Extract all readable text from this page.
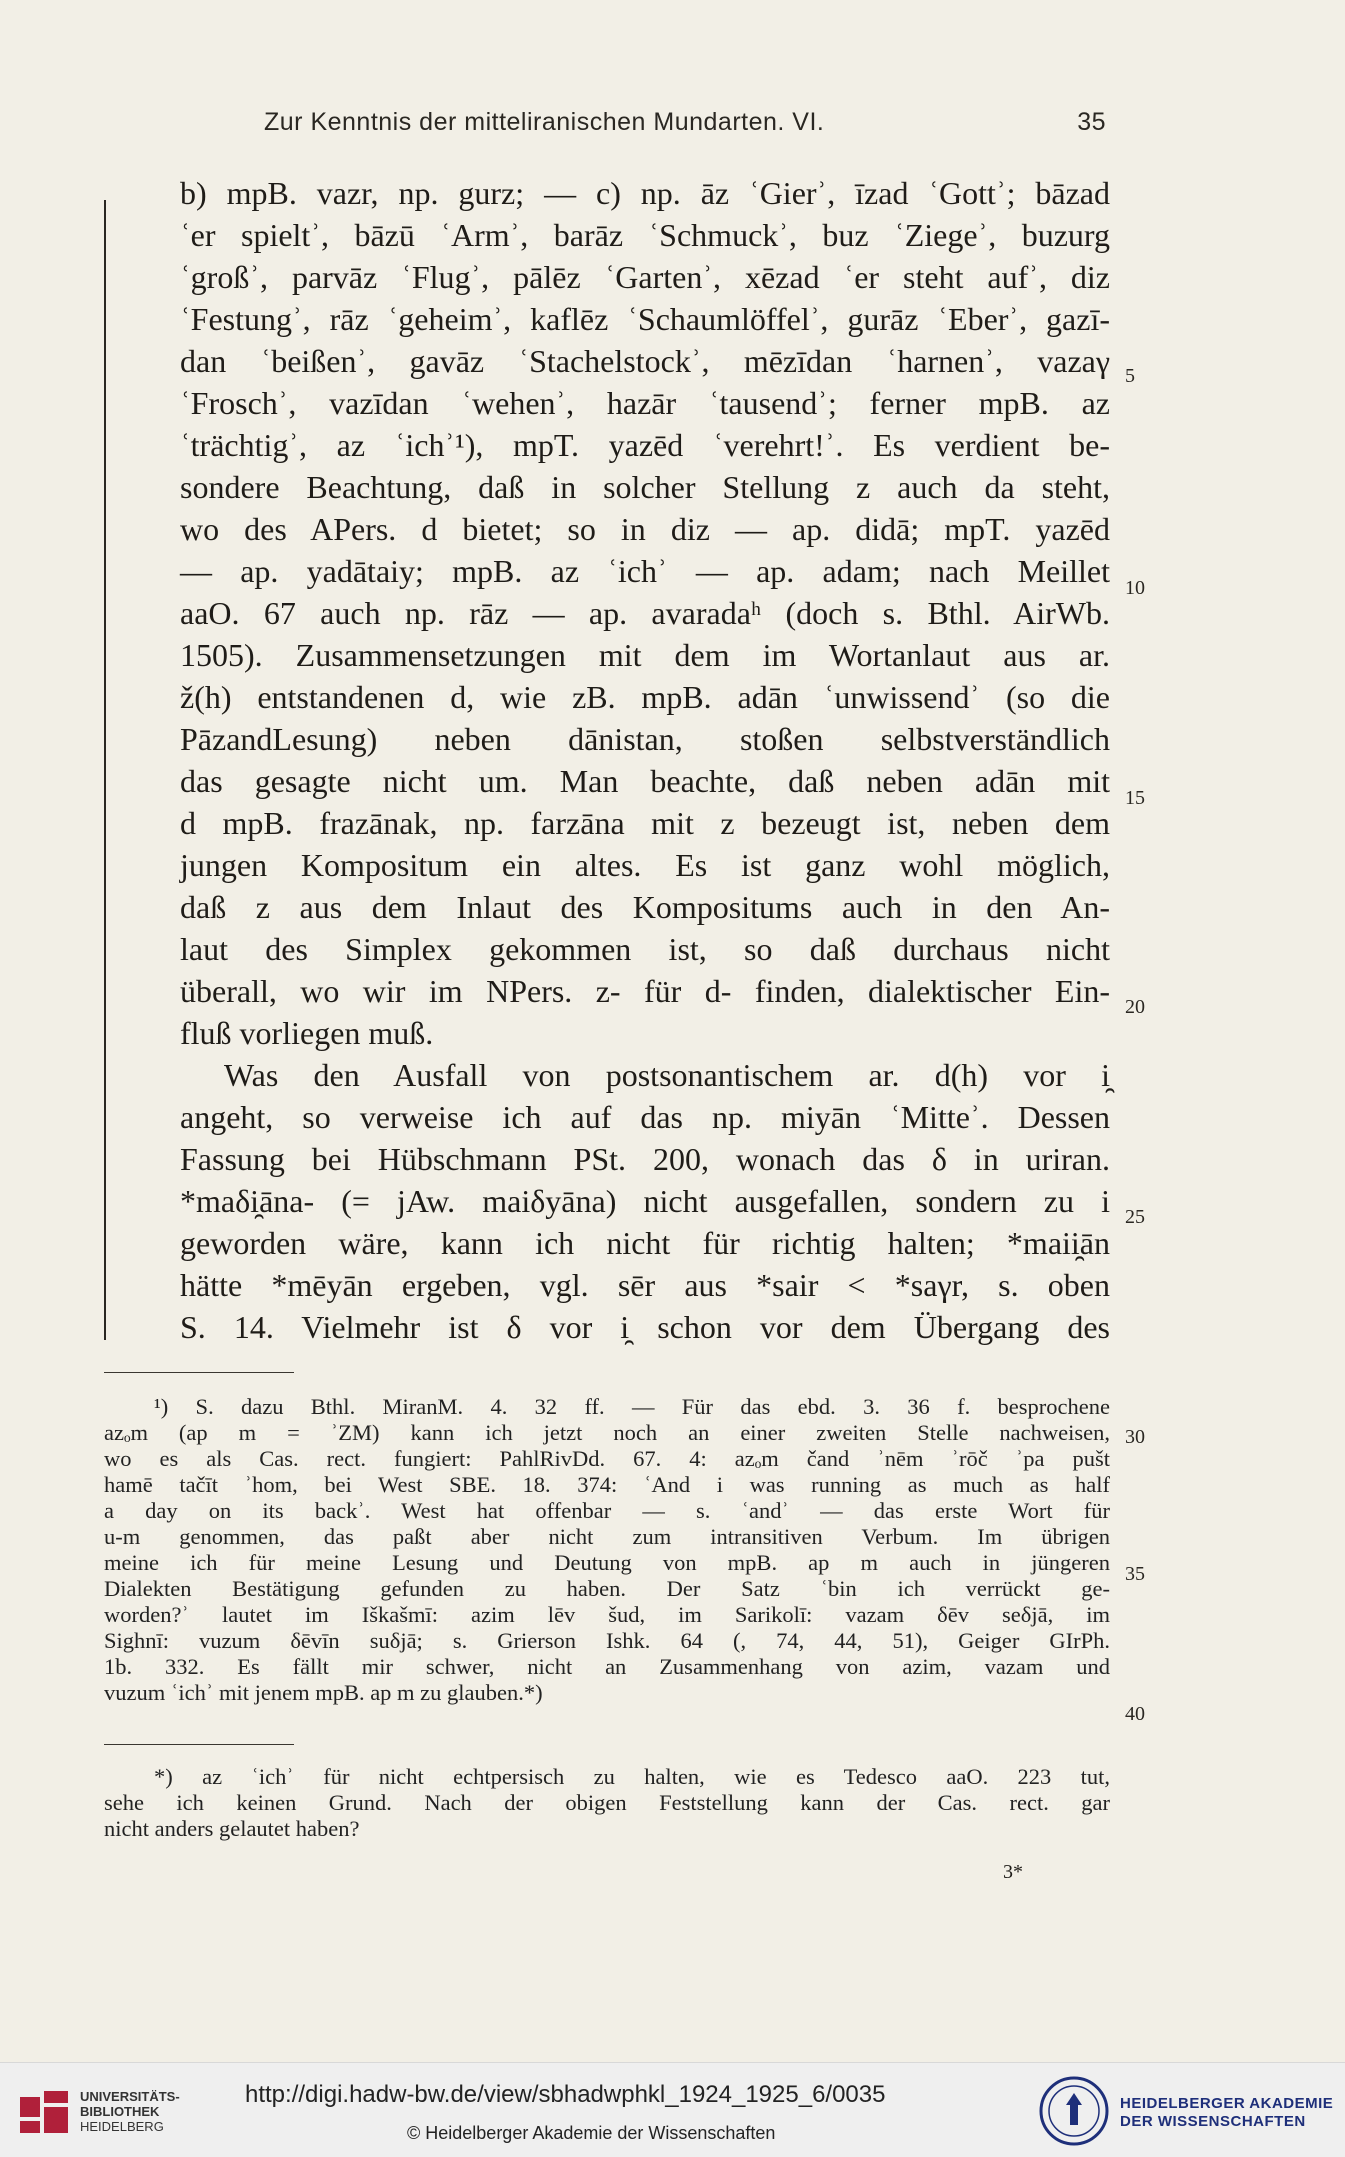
Zur Kenntnis der mitteliranischen Mundarten. VI.	35
b) mpB. vazr, np. gurz; — c) np. āz ʿGierʾ, īzad ʿGottʾ; bāzad
ʿer spieltʾ, bāzū ʿArmʾ, barāz ʿSchmuckʾ, buz ʿZiegeʾ, buzurg
ʿgroßʾ, parvāz ʿFlugʾ, pālēz ʿGartenʾ, xēzad ʿer steht aufʾ, diz
ʿFestungʾ, rāz ʿgeheimʾ, kaflēz ʿSchaumlöffelʾ, gurāz ʿEberʾ, gazī-
dan ʿbeißenʾ, gavāz ʿStachelstockʾ, mēzīdan ʿharnenʾ, vazaγ
ʿFroschʾ, vazīdan ʿwehenʾ, hazār ʿtausendʾ; ferner mpB. az
ʿträchtigʾ, az ʿichʾ¹), mpT. yazēd ʿverehrt!ʾ. Es verdient be-
sondere Beachtung, daß in solcher Stellung z auch da steht,
wo des APers. d bietet; so in diz — ap. didā; mpT. yazēd
— ap. yadātaiy; mpB. az ʿichʾ — ap. adam; nach Meillet
aaO. 67 auch np. rāz — ap. avaradaʰ (doch s. Bthl. AirWb.
1505). Zusammensetzungen mit dem im Wortanlaut aus ar.
ž(h) entstandenen d, wie zB. mpB. adān ʿunwissendʾ (so die
PāzandLesung) neben dānistan, stoßen selbstverständlich
das gesagte nicht um. Man beachte, daß neben adān mit
d mpB. frazānak, np. farzāna mit z bezeugt ist, neben dem
jungen Kompositum ein altes. Es ist ganz wohl möglich,
daß z aus dem Inlaut des Kompositums auch in den An-
laut des Simplex gekommen ist, so daß durchaus nicht
überall, wo wir im NPers. z- für d- finden, dialektischer Ein-
fluß vorliegen muß.
Was den Ausfall von postsonantischem ar. d(h) vor i̯
angeht, so verweise ich auf das np. miyān ʿMitteʾ. Dessen
Fassung bei Hübschmann PSt. 200, wonach das δ in uriran.
*maδi̯āna- (= jAw. maiδyāna) nicht ausgefallen, sondern zu i
geworden wäre, kann ich nicht für richtig halten; *maii̯ān
hätte *mēyān ergeben, vgl. sēr aus *sair < *saγr, s. oben
S. 14. Vielmehr ist δ vor i̯ schon vor dem Übergang des
5
10
15
20
25
30
35
40
¹) S. dazu Bthl. MiranM. 4. 32 ff. — Für das ebd. 3. 36 f. besprochene
azₒm (ap m = ʾZM) kann ich jetzt noch an einer zweiten Stelle nachweisen,
wo es als Cas. rect. fungiert: PahlRivDd. 67. 4: azₒm čand ʾnēm ʾrōč ʾpa pušt
hamē tačīt ʾhom, bei West SBE. 18. 374: ʿAnd i was running as much as half
a day on its backʾ. West hat offenbar — s. ʿandʾ — das erste Wort für
u-m genommen, das paßt aber nicht zum intransitiven Verbum. Im übrigen
meine ich für meine Lesung und Deutung von mpB. ap m auch in jüngeren
Dialekten Bestätigung gefunden zu haben. Der Satz ʿbin ich verrückt ge-
worden?ʾ lautet im Iškašmī: azim lēv šud, im Sarikolī: vazam δēv seδjā, im
Sighnī: vuzum δēvīn suδjā; s. Grierson Ishk. 64 (, 74, 44, 51), Geiger GIrPh.
1b. 332. Es fällt mir schwer, nicht an Zusammenhang von azim, vazam und
vuzum ʿichʾ mit jenem mpB. ap m zu glauben.*)
*) az ʿichʾ für nicht echtpersisch zu halten, wie es Tedesco aaO. 223 tut,
sehe ich keinen Grund. Nach der obigen Feststellung kann der Cas. rect. gar
nicht anders gelautet haben?
3*
UNIVERSITÄTS-
BIBLIOTHEK
HEIDELBERG
http://digi.hadw-bw.de/view/sbhadwphkl_1924_1925_6/0035
© Heidelberger Akademie der Wissenschaften
HEIDELBERGER AKADEMIE
DER WISSENSCHAFTEN
